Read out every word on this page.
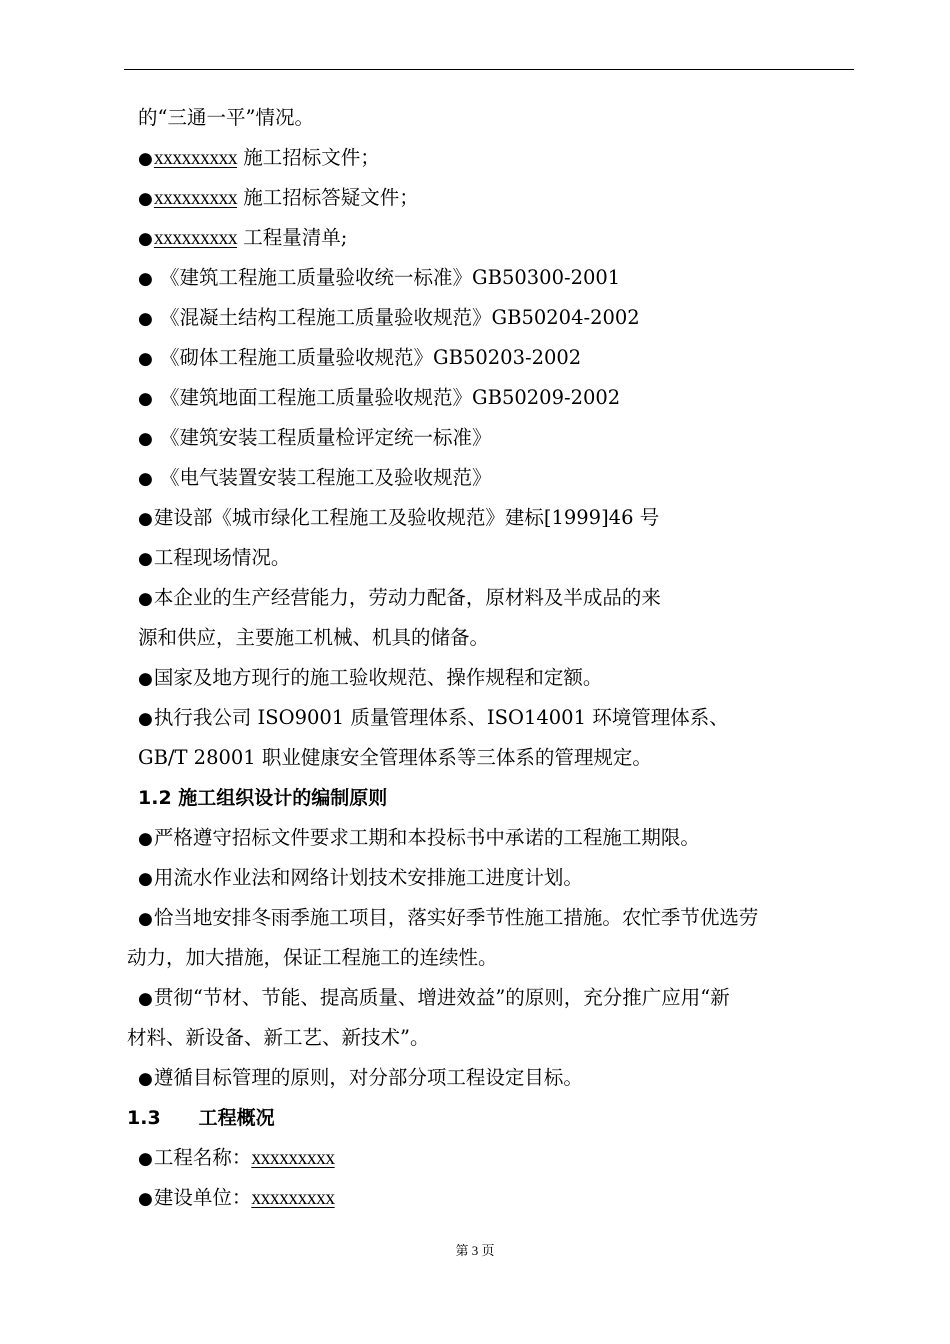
的“三通一平”情况。
●xxxxxxxxx 施工招标文件；
●xxxxxxxxx 施工招标答疑文件；
●xxxxxxxxx 工程量清单;
● 《建筑工程施工质量验收统一标准》GB50300-2001
● 《混凝土结构工程施工质量验收规范》GB50204-2002
● 《砌体工程施工质量验收规范》GB50203-2002
● 《建筑地面工程施工质量验收规范》GB50209-2002
● 《建筑安装工程质量检评定统一标准》
● 《电气装置安装工程施工及验收规范》
●建设部《城市绿化工程施工及验收规范》建标[1999]46 号
●工程现场情况。
●本企业的生产经营能力，劳动力配备，原材料及半成品的来
源和供应，主要施工机械、机具的储备。
●国家及地方现行的施工验收规范、操作规程和定额。
●执行我公司 ISO9001 质量管理体系、ISO14001 环境管理体系、
GB/T 28001 职业健康安全管理体系等三体系的管理规定。
1.2 施工组织设计的编制原则
●严格遵守招标文件要求工期和本投标书中承诺的工程施工期限。
●用流水作业法和网络计划技术安排施工进度计划。
●恰当地安排冬雨季施工项目，落实好季节性施工措施。农忙季节优选劳
动力，加大措施，保证工程施工的连续性。
●贯彻“节材、节能、提高质量、增进效益”的原则，充分推广应用“新
材料、新设备、新工艺、新技术”。
●遵循目标管理的原则，对分部分项工程设定目标。
1.3　　工程概况
●工程名称：xxxxxxxxx
●建设单位：xxxxxxxxx
第 3 页
